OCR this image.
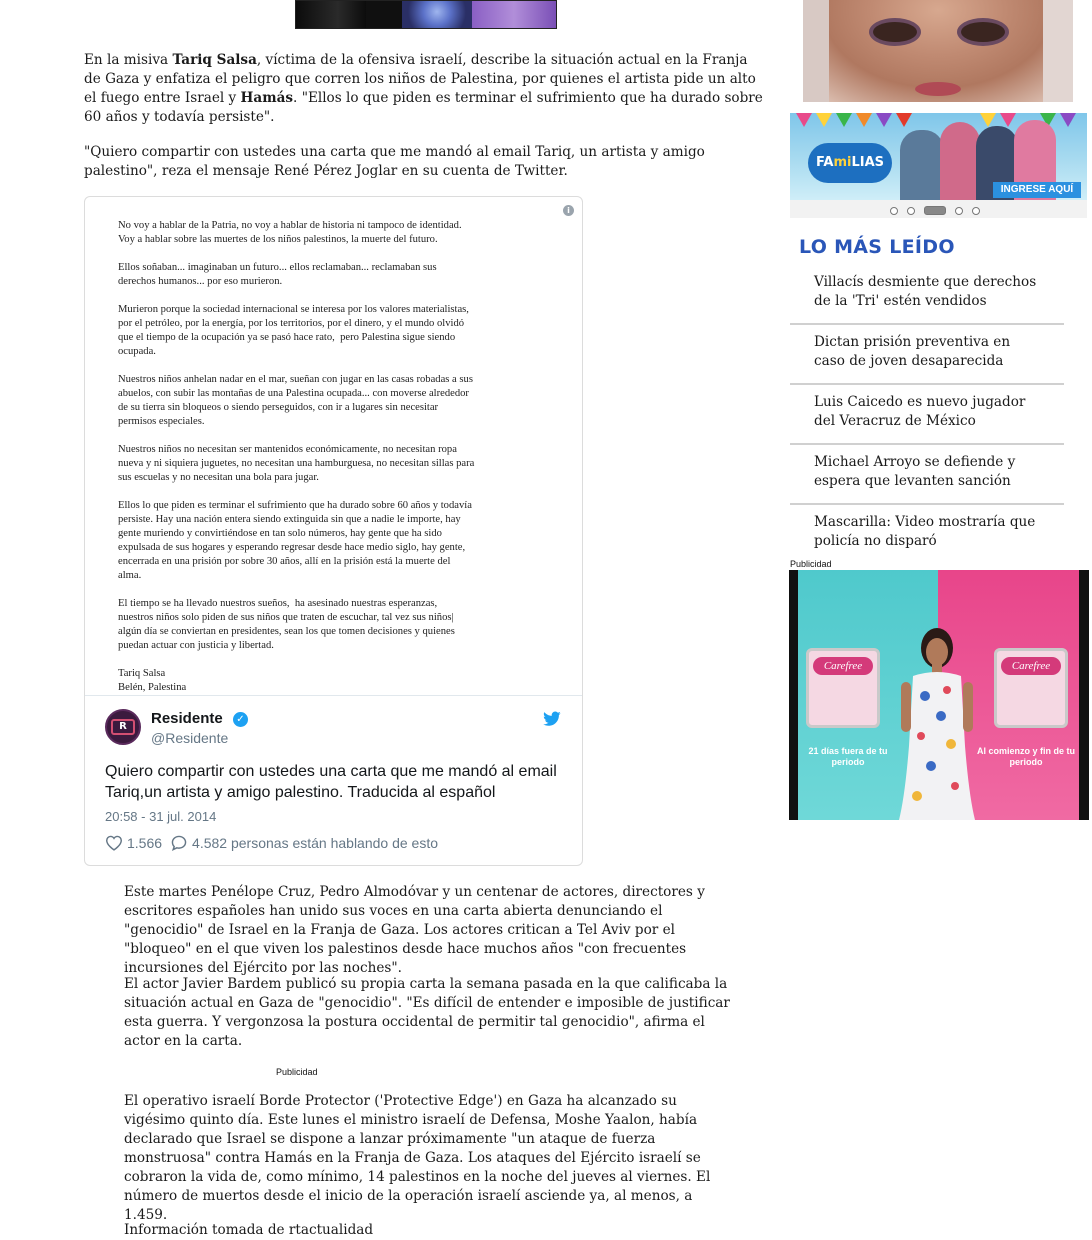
En la misiva Tariq Salsa, víctima de la ofensiva israelí, describe la situación actual en la Franja de Gaza y enfatiza el peligro que corren los niños de Palestina, por quienes el artista pide un alto el fuego entre Israel y Hamás. "Ellos lo que piden es terminar el sufrimiento que ha durado sobre 60 años y todavía persiste".
"Quiero compartir con ustedes una carta que me mandó al email Tariq, un artista y amigo palestino", reza el mensaje René Pérez Joglar en su cuenta de Twitter.
No voy a hablar de la Patria, no voy a hablar de historia ni tampoco de identidad.
Voy a hablar sobre las muertes de los niños palestinos, la muerte del futuro.

Ellos soñaban... imaginaban un futuro... ellos reclamaban... reclamaban sus
derechos humanos... por eso murieron.

Murieron porque la sociedad internacional se interesa por los valores materialistas,
por el petróleo, por la energía, por los territorios, por el dinero, y el mundo olvidó
que el tiempo de la ocupación ya se pasó hace rato,  pero Palestina sigue siendo
ocupada.

Nuestros niños anhelan nadar en el mar, sueñan con jugar en las casas robadas a sus
abuelos, con subir las montañas de una Palestina ocupada... con moverse alrededor
de su tierra sin bloqueos o siendo perseguidos, con ir a lugares sin necesitar
permisos especiales.

Nuestros niños no necesitan ser mantenidos económicamente, no necesitan ropa
nueva y ni siquiera juguetes, no necesitan una hamburguesa, no necesitan sillas para
sus escuelas y no necesitan una bola para jugar.

Ellos lo que piden es terminar el sufrimiento que ha durado sobre 60 años y todavía
persiste. Hay una nación entera siendo extinguida sin que a nadie le importe, hay
gente muriendo y convirtiéndose en tan solo números, hay gente que ha sido
expulsada de sus hogares y esperando regresar desde hace medio siglo, hay gente,
encerrada en una prisión por sobre 30 años, allí en la prisión está la muerte del
alma.

El tiempo se ha llevado nuestros sueños,  ha asesinado nuestras esperanzas,
nuestros niños solo piden de sus niños que traten de escuchar, tal vez sus niños|
algún día se conviertan en presidentes, sean los que tomen decisiones y quienes
puedan actuar con justicia y libertad.

Tariq Salsa
Belén, Palestina
i
R	Residente	✓
@Residente
Quiero compartir con ustedes una carta que me mandó al email Tariq,un artista y amigo palestino. Traducida al español
20:58 - 31 jul. 2014
1.566 4.582 personas están hablando de esto
Este martes Penélope Cruz, Pedro Almodóvar y un centenar de actores, directores y escritores españoles han unido sus voces en una carta abierta denunciando el "genocidio" de Israel en la Franja de Gaza. Los actores critican a Tel Aviv por el "bloqueo" en el que viven los palestinos desde hace muchos años "con frecuentes incursiones del Ejército por las noches".
El actor Javier Bardem publicó su propia carta la semana pasada en la que calificaba la situación actual en Gaza de "genocidio". "Es difícil de entender e imposible de justificar esta guerra. Y vergonzosa la postura occidental de permitir tal genocidio", afirma el actor en la carta.
Publicidad
El operativo israelí Borde Protector ('Protective Edge') en Gaza ha alcanzado su vigésimo quinto día. Este lunes el ministro israelí de Defensa, Moshe Yaalon, había declarado que Israel se dispone a lanzar próximamente "un ataque de fuerza monstruosa" contra Hamás en la Franja de Gaza. Los ataques del Ejército israelí se cobraron la vida de, como mínimo, 14 palestinos en la noche del jueves al viernes. El número de muertos desde el inicio de la operación israelí asciende ya, al menos, a 1.459.
Información tomada de rtactualidad
FAmiLIAS
INGRESE AQUÍ
LO MÁS LEÍDO
Villacís desmiente que derechos de la 'Tri' estén vendidos
Dictan prisión preventiva en caso de joven desaparecida
Luis Caicedo es nuevo jugador del Veracruz de México
Michael Arroyo se defiende y espera que levanten sanción
Mascarilla: Video mostraría que policía no disparó
Publicidad
Carefree
21 días fuera de tu periodo
Carefree
Al comienzo y fin de tu periodo
